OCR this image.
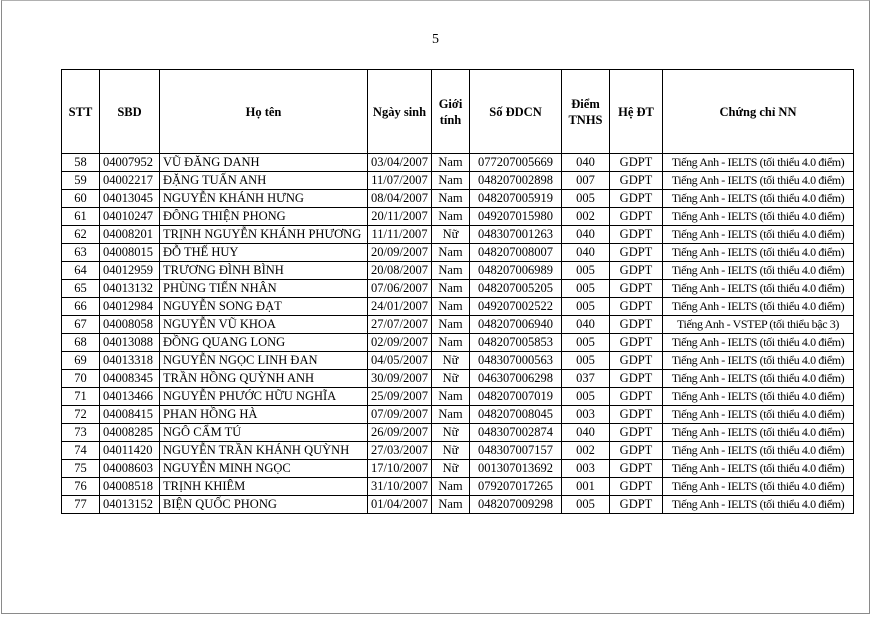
5
STT	SBD	Họ tên	Ngày sinh	Giới tính	Số ĐDCN	Điểm TNHS	Hệ ĐT	Chứng chỉ NN
58	04007952	VŨ ĐĂNG DANH	03/04/2007	Nam	077207005669	040	GDPT	Tiếng Anh - IELTS (tối thiểu 4.0 điểm)
59	04002217	ĐẶNG TUẤN ANH	11/07/2007	Nam	048207002898	007	GDPT	Tiếng Anh - IELTS (tối thiểu 4.0 điểm)
60	04013045	NGUYỄN KHÁNH HƯNG	08/04/2007	Nam	048207005919	005	GDPT	Tiếng Anh - IELTS (tối thiểu 4.0 điểm)
61	04010247	ĐÔNG THIỆN PHONG	20/11/2007	Nam	049207015980	002	GDPT	Tiếng Anh - IELTS (tối thiểu 4.0 điểm)
62	04008201	TRỊNH NGUYỄN KHÁNH PHƯƠNG	11/11/2007	Nữ	048307001263	040	GDPT	Tiếng Anh - IELTS (tối thiểu 4.0 điểm)
63	04008015	ĐỖ THẾ HUY	20/09/2007	Nam	048207008007	040	GDPT	Tiếng Anh - IELTS (tối thiểu 4.0 điểm)
64	04012959	TRƯƠNG ĐÌNH BÌNH	20/08/2007	Nam	048207006989	005	GDPT	Tiếng Anh - IELTS (tối thiểu 4.0 điểm)
65	04013132	PHÙNG TIẾN NHÂN	07/06/2007	Nam	048207005205	005	GDPT	Tiếng Anh - IELTS (tối thiểu 4.0 điểm)
66	04012984	NGUYỄN SONG ĐẠT	24/01/2007	Nam	049207002522	005	GDPT	Tiếng Anh - IELTS (tối thiểu 4.0 điểm)
67	04008058	NGUYỄN VŨ KHOA	27/07/2007	Nam	048207006940	040	GDPT	Tiếng Anh - VSTEP (tối thiểu bậc 3)
68	04013088	ĐỒNG QUANG LONG	02/09/2007	Nam	048207005853	005	GDPT	Tiếng Anh - IELTS (tối thiểu 4.0 điểm)
69	04013318	NGUYỄN NGỌC LINH ĐAN	04/05/2007	Nữ	048307000563	005	GDPT	Tiếng Anh - IELTS (tối thiểu 4.0 điểm)
70	04008345	TRẦN HỒNG QUỲNH ANH	30/09/2007	Nữ	046307006298	037	GDPT	Tiếng Anh - IELTS (tối thiểu 4.0 điểm)
71	04013466	NGUYỄN PHƯỚC HỮU NGHĨA	25/09/2007	Nam	048207007019	005	GDPT	Tiếng Anh - IELTS (tối thiểu 4.0 điểm)
72	04008415	PHAN HỒNG HÀ	07/09/2007	Nam	048207008045	003	GDPT	Tiếng Anh - IELTS (tối thiểu 4.0 điểm)
73	04008285	NGÔ CẨM TÚ	26/09/2007	Nữ	048307002874	040	GDPT	Tiếng Anh - IELTS (tối thiểu 4.0 điểm)
74	04011420	NGUYỄN TRẦN KHÁNH QUỲNH	27/03/2007	Nữ	048307007157	002	GDPT	Tiếng Anh - IELTS (tối thiểu 4.0 điểm)
75	04008603	NGUYỄN MINH NGỌC	17/10/2007	Nữ	001307013692	003	GDPT	Tiếng Anh - IELTS (tối thiểu 4.0 điểm)
76	04008518	TRỊNH KHIÊM	31/10/2007	Nam	079207017265	001	GDPT	Tiếng Anh - IELTS (tối thiểu 4.0 điểm)
77	04013152	BIỆN QUỐC PHONG	01/04/2007	Nam	048207009298	005	GDPT	Tiếng Anh - IELTS (tối thiểu 4.0 điểm)
